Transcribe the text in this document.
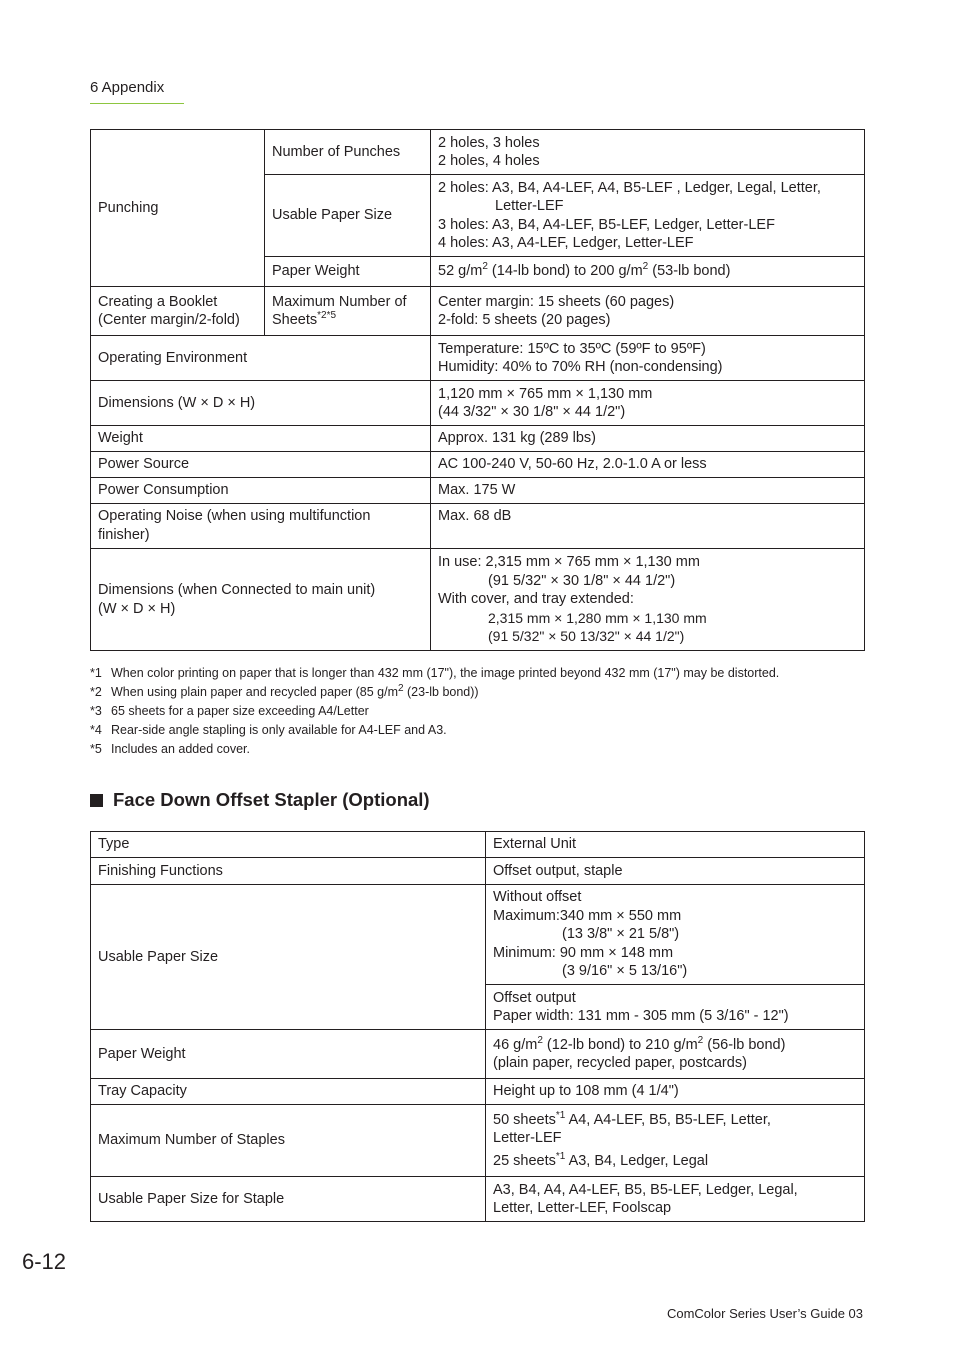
6 Appendix
Punching	Number of Punches	2 holes, 3 holes
2 holes, 4 holes
	Usable Paper Size	2 holes: A3, B4, A4-LEF, A4, B5-LEF , Ledger, Legal, Letter,
Letter-LEF
3 holes: A3, B4, A4-LEF, B5-LEF, Ledger, Letter-LEF
4 holes: A3, A4-LEF, Ledger, Letter-LEF
	Paper Weight	52 $g/m^2$ (14-lb bond) to 200 $g/m^2$ (53-lb bond)
Creating a Booklet
(Center margin/2-fold)	Maximum Number of
Sheets$^{*2*5}$	Center margin: 15 sheets (60 pages)
2-fold: 5 sheets (20 pages)
Operating Environment		Temperature: 15ºC to 35ºC (59ºF to 95ºF)
Humidity: 40% to 70% RH (non-condensing)
Dimensions (W × D × H)		1,120 mm × 765 mm × 1,130 mm
(44 3/32" × 30 1/8" × 44 1/2")
Weight		Approx. 131 kg (289 lbs)
Power Source		AC 100-240 V, 50-60 Hz, 2.0-1.0 A or less
Power Consumption		Max. 175 W
Operating Noise (when using multifunction
finisher)		Max. 68 dB
Dimensions (when Connected to main unit)
(W × D × H)		In use: 2,315 mm × 765 mm × 1,130 mm
(91 5/32" × 30 1/8" × 44 1/2")
With cover, and tray extended:
2,315 mm × 1,280 mm × 1,130 mm
(91 5/32" × 50 13/32" × 44 1/2")
*1 When color printing on paper that is longer than 432 mm (17"), the image printed beyond 432 mm (17") may be distorted.
*2 When using plain paper and recycled paper (85 $g/m^2$ (23-lb bond))
*3 65 sheets for a paper size exceeding A4/Letter
*4 Rear-side angle stapling is only available for A4-LEF and A3.
*5 Includes an added cover.
Face Down Offset Stapler (Optional)
Type	External Unit
Finishing Functions	Offset output, staple
Usable Paper Size	Without offset
Maximum:340 mm × 550 mm
(13 3/8" × 21 5/8")
Minimum: 90 mm × 148 mm
(3 9/16" × 5 13/16")

	Offset output
Paper width: 131 mm - 305 mm (5 3/16" - 12")
Paper Weight	46 $g/m^2$ (12-lb bond) to 210 $g/m^2$ (56-lb bond)
(plain paper, recycled paper, postcards)
Tray Capacity	Height up to 108 mm (4 1/4")
Maximum Number of Staples	50 sheets$^{*1}$ A4, A4-LEF, B5, B5-LEF, Letter,
Letter-LEF

25 sheets$^{*1}$ A3, B4, Ledger, Legal

Usable Paper Size for Staple	A3, B4, A4, A4-LEF, B5, B5-LEF, Ledger, Legal,
Letter, Letter-LEF, Foolscap
6-12
ComColor Series User’s Guide 03
